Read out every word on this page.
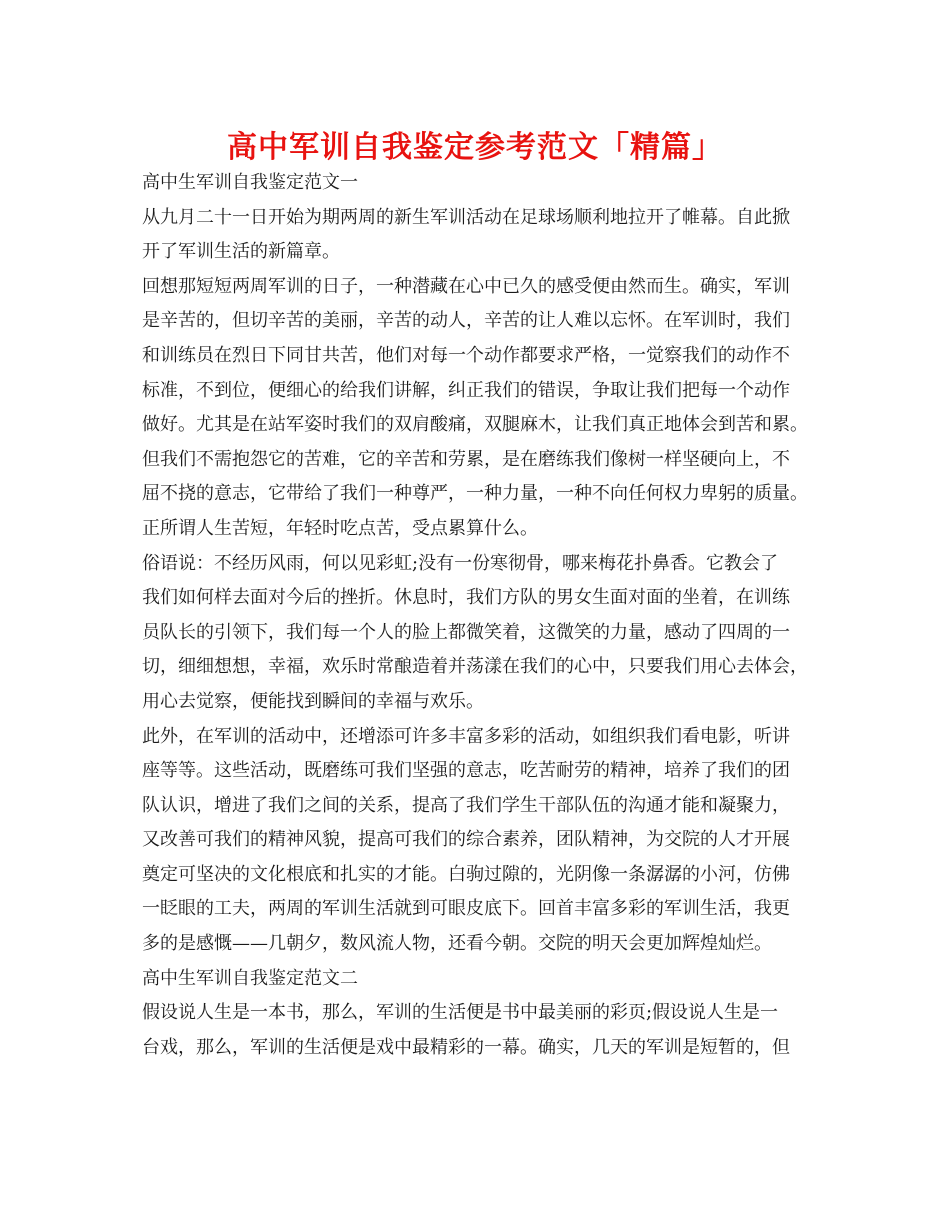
高中军训自我鉴定参考范文「精篇」
高中生军训自我鉴定范文一
从九月二十一日开始为期两周的新生军训活动在足球场顺利地拉开了帷幕。自此掀
开了军训生活的新篇章。
回想那短短两周军训的日子，一种潜藏在心中已久的感受便由然而生。确实，军训
是辛苦的，但切辛苦的美丽，辛苦的动人，辛苦的让人难以忘怀。在军训时，我们
和训练员在烈日下同甘共苦，他们对每一个动作都要求严格，一觉察我们的动作不
标准，不到位，便细心的给我们讲解，纠正我们的错误，争取让我们把每一个动作
做好。尤其是在站军姿时我们的双肩酸痛，双腿麻木，让我们真正地体会到苦和累。
但我们不需抱怨它的苦难，它的辛苦和劳累，是在磨练我们像树一样坚硬向上，不
屈不挠的意志，它带给了我们一种尊严，一种力量，一种不向任何权力卑躬的质量。
正所谓人生苦短，年轻时吃点苦，受点累算什么。
俗语说：不经历风雨，何以见彩虹;没有一份寒彻骨，哪来梅花扑鼻香。它教会了
我们如何样去面对今后的挫折。休息时，我们方队的男女生面对面的坐着，在训练
员队长的引领下，我们每一个人的脸上都微笑着，这微笑的力量，感动了四周的一
切，细细想想，幸福，欢乐时常酿造着并荡漾在我们的心中，只要我们用心去体会，
用心去觉察，便能找到瞬间的幸福与欢乐。
此外，在军训的活动中，还增添可许多丰富多彩的活动，如组织我们看电影，听讲
座等等。这些活动，既磨练可我们坚强的意志，吃苦耐劳的精神，培养了我们的团
队认识，增进了我们之间的关系，提高了我们学生干部队伍的沟通才能和凝聚力，
又改善可我们的精神风貌，提高可我们的综合素养，团队精神，为交院的人才开展
奠定可坚决的文化根底和扎实的才能。白驹过隙的，光阴像一条潺潺的小河，仿佛
一眨眼的工夫，两周的军训生活就到可眼皮底下。回首丰富多彩的军训生活，我更
多的是感慨——几朝夕，数风流人物，还看今朝。交院的明天会更加辉煌灿烂。
高中生军训自我鉴定范文二
假设说人生是一本书，那么，军训的生活便是书中最美丽的彩页;假设说人生是一
台戏，那么，军训的生活便是戏中最精彩的一幕。确实，几天的军训是短暂的，但
